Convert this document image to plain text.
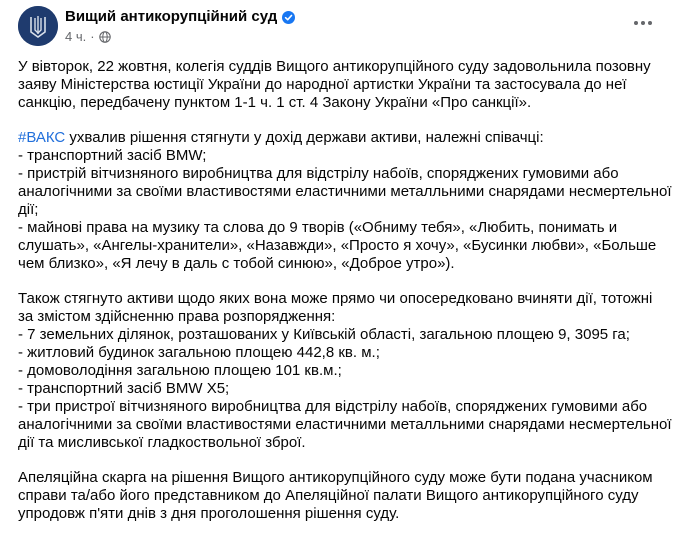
Вищий антикорупційний суд
4 ч. ·

У вівторок, 22 жовтня, колегія суддів Вищого антикорупційного суду задовольнила позовну
заяву Міністерства юстиції України до народної артистки України та застосувала до неї
санкцію, передбачену пунктом 1-1 ч. 1 ст. 4 Закону України «Про санкції».

#ВАКС ухвалив рішення стягнути у дохід держави активи, належні співачці:
- транспортний засіб BMW;
- пристрій вітчизняного виробництва для відстрілу набоїв, споряджених гумовими або
аналогічними за своїми властивостями еластичними металльними снарядами несмертельної
дії;
- майнові права на музику та слова до 9 творів («Обниму тебя», «Любить, понимать и
слушать», «Ангелы-хранители», «Назавжди», «Просто я хочу», «Бусинки любви», «Больше
чем близко», «Я лечу в даль с тобой синюю», «Доброе утро»).

Також стягнуто активи щодо яких вона може прямо чи опосередковано вчиняти дії, тотожні
за змістом здійсненню права розпорядження:
- 7 земельних ділянок, розташованих у Київській області, загальною площею 9, 3095 га;
- житловий будинок загальною площею 442,8 кв. м.;
- домоволодіння загальною площею 101 кв.м.;
- транспортний засіб BMW X5;
- три пристрої вітчизняного виробництва для відстрілу набоїв, споряджених гумовими або
аналогічними за своїми властивостями еластичними металльними снарядами несмертельної
дії та мисливської гладкоствольної зброї.

Апеляційна скарга на рішення Вищого антикорупційного суду може бути подана учасником
справи та/або його представником до Апеляційної палати Вищого антикорупційного суду
упродовж п'яти днів з дня проголошення рішення суду.
